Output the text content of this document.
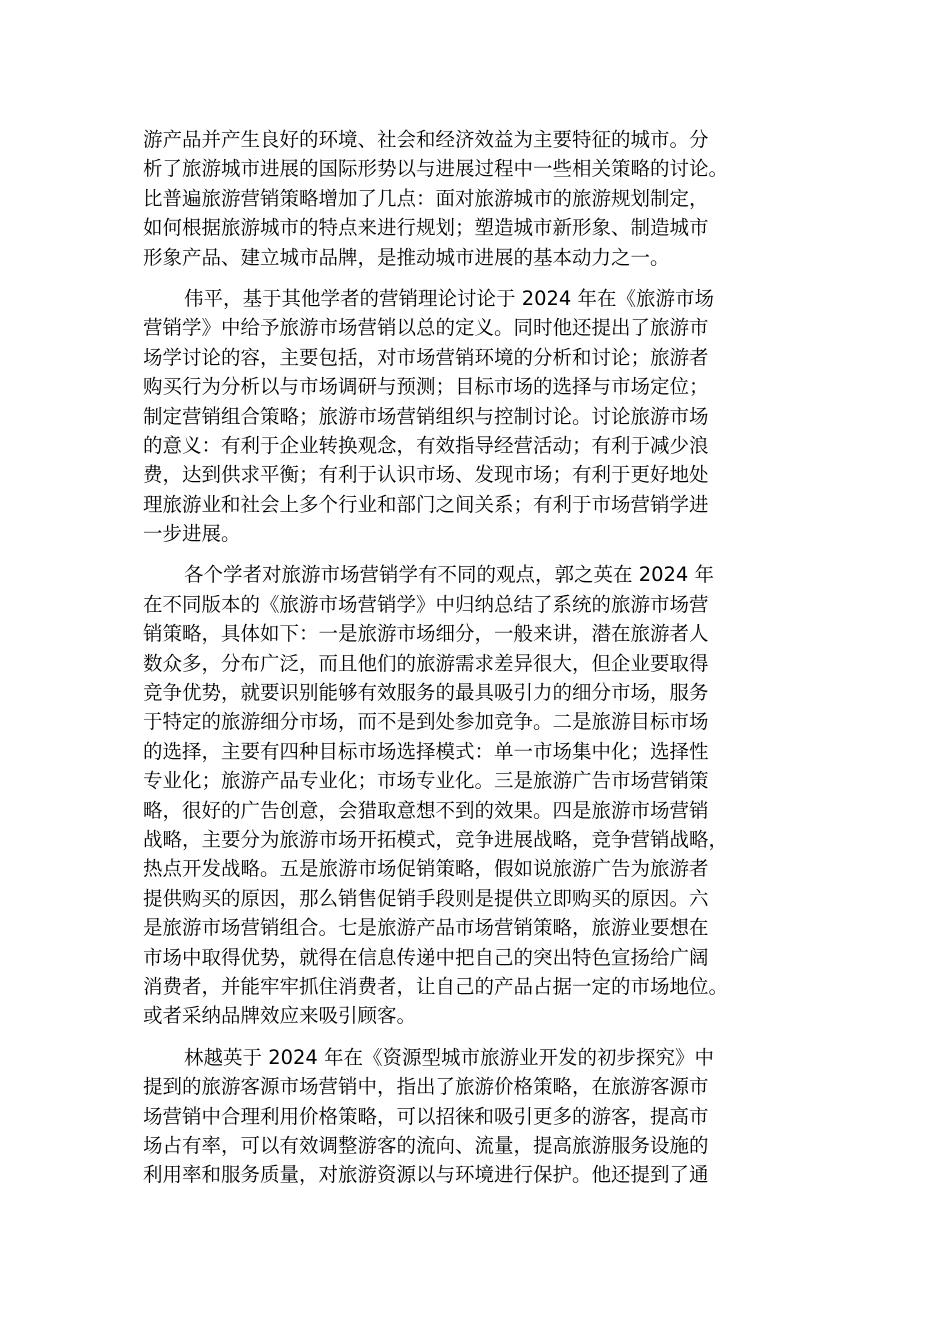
游产品并产生良好的环境、社会和经济效益为主要特征的城市。分
析了旅游城市进展的国际形势以与进展过程中一些相关策略的讨论。
比普遍旅游营销策略增加了几点：面对旅游城市的旅游规划制定，
如何根据旅游城市的特点来进行规划；塑造城市新形象、制造城市
形象产品、建立城市品牌，是推动城市进展的基本动力之一。
伟平，基于其他学者的营销理论讨论于 2024 年在《旅游市场
营销学》中给予旅游市场营销以总的定义。同时他还提出了旅游市
场学讨论的容，主要包括，对市场营销环境的分析和讨论；旅游者
购买行为分析以与市场调研与预测；目标市场的选择与市场定位；
制定营销组合策略；旅游市场营销组织与控制讨论。讨论旅游市场
的意义：有利于企业转换观念，有效指导经营活动；有利于减少浪
费，达到供求平衡；有利于认识市场、发现市场；有利于更好地处
理旅游业和社会上多个行业和部门之间关系；有利于市场营销学进
一步进展。
各个学者对旅游市场营销学有不同的观点，郭之英在 2024 年
在不同版本的《旅游市场营销学》中归纳总结了系统的旅游市场营
销策略，具体如下：一是旅游市场细分，一般来讲，潜在旅游者人
数众多，分布广泛，而且他们的旅游需求差异很大，但企业要取得
竞争优势，就要识别能够有效服务的最具吸引力的细分市场，服务
于特定的旅游细分市场，而不是到处参加竞争。二是旅游目标市场
的选择，主要有四种目标市场选择模式：单一市场集中化；选择性
专业化；旅游产品专业化；市场专业化。三是旅游广告市场营销策
略，很好的广告创意，会猎取意想不到的效果。四是旅游市场营销
战略，主要分为旅游市场开拓模式，竞争进展战略，竞争营销战略，
热点开发战略。五是旅游市场促销策略，假如说旅游广告为旅游者
提供购买的原因，那么销售促销手段则是提供立即购买的原因。六
是旅游市场营销组合。七是旅游产品市场营销策略，旅游业要想在
市场中取得优势，就得在信息传递中把自己的突出特色宣扬给广阔
消费者，并能牢牢抓住消费者，让自己的产品占据一定的市场地位。
或者采纳品牌效应来吸引顾客。
林越英于 2024 年在《资源型城市旅游业开发的初步探究》中
提到的旅游客源市场营销中，指出了旅游价格策略，在旅游客源市
场营销中合理利用价格策略，可以招徕和吸引更多的游客，提高市
场占有率，可以有效调整游客的流向、流量，提高旅游服务设施的
利用率和服务质量，对旅游资源以与环境进行保护。他还提到了通
